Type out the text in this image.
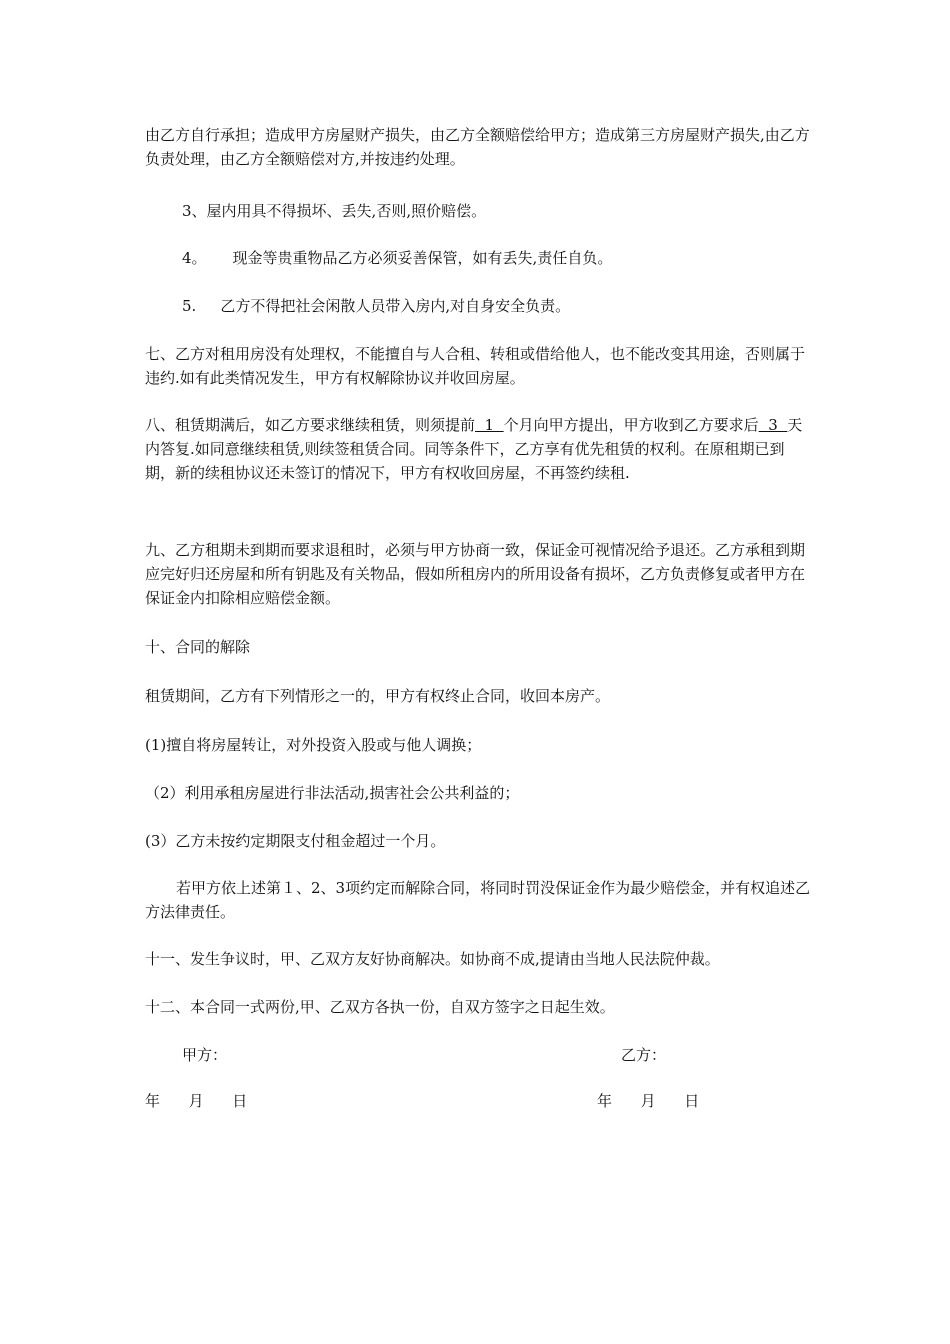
由乙方自行承担；造成甲方房屋财产损失，由乙方全额赔偿给甲方；造成第三方房屋财产损失,由乙方负责处理，由乙方全额赔偿对方,并按违约处理。

3、屋内用具不得损坏、丢失,否则,照价赔偿。

4。 现金等贵重物品乙方必须妥善保管，如有丢失,责任自负。

5. 乙方不得把社会闲散人员带入房内,对自身安全负责。

七、乙方对租用房没有处理权，不能擅自与人合租、转租或借给他人，也不能改变其用途，否则属于违约.如有此类情况发生，甲方有权解除协议并收回房屋。

八、租赁期满后，如乙方要求继续租赁，则须提前  1  个月向甲方提出，甲方收到乙方要求后  3  天内答复.如同意继续租赁,则续签租赁合同。同等条件下，乙方享有优先租赁的权利。在原租期已到期，新的续租协议还未签订的情况下，甲方有权收回房屋，不再签约续租.

九、乙方租期未到期而要求退租时，必须与甲方协商一致，保证金可视情况给予退还。乙方承租到期应完好归还房屋和所有钥匙及有关物品，假如所租房内的所用设备有损坏，乙方负责修复或者甲方在保证金内扣除相应赔偿金额。

十、合同的解除

租赁期间，乙方有下列情形之一的，甲方有权终止合同，收回本房产。

(1)擅自将房屋转让，对外投资入股或与他人调换；

（2）利用承租房屋进行非法活动,损害社会公共利益的；

(3）乙方未按约定期限支付租金超过一个月。

若甲方依上述第１、2、3项约定而解除合同，将同时罚没保证金作为最少赔偿金，并有权追述乙方法律责任。

十一、发生争议时，甲、乙双方友好协商解决。如协商不成,提请由当地人民法院仲裁。

十二、本合同一式两份,甲、乙双方各执一份，自双方签字之日起生效。

甲方：	乙方：
年      月      日	年      月      日
